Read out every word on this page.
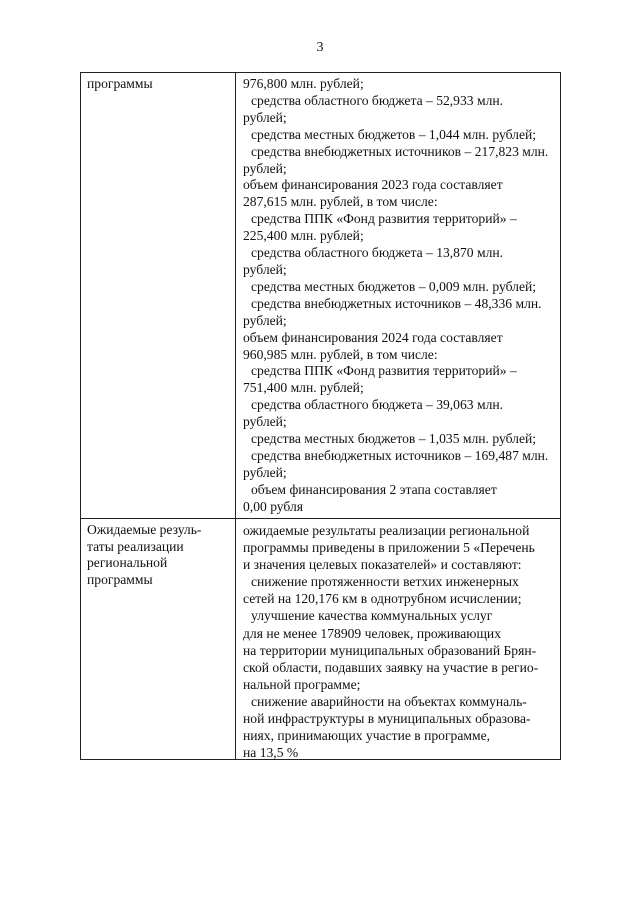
3
программы	976,800 млн. рублей;
средства областного бюджета – 52,933 млн.
рублей;
средства местных бюджетов – 1,044 млн. рублей;
средства внебюджетных источников – 217,823 млн.
рублей;
объем финансирования 2023 года составляет
287,615 млн. рублей, в том числе:
средства ППК «Фонд развития территорий» –
225,400 млн. рублей;
средства областного бюджета – 13,870 млн.
рублей;
средства местных бюджетов – 0,009 млн. рублей;
средства внебюджетных источников – 48,336 млн.
рублей;
объем финансирования 2024 года составляет
960,985 млн. рублей, в том числе:
средства ППК «Фонд развития территорий» –
751,400 млн. рублей;
средства областного бюджета – 39,063 млн.
рублей;
средства местных бюджетов – 1,035 млн. рублей;
средства внебюджетных источников – 169,487 млн.
рублей;
объем финансирования 2 этапа составляет
0,00 рубля
Ожидаемые резуль-
таты реализации
региональной
программы
ожидаемые результаты реализации региональной
программы приведены в приложении 5 «Перечень
и значения целевых показателей» и составляют:
снижение протяженности ветхих инженерных
сетей на 120,176 км в однотрубном исчислении;
улучшение качества коммунальных услуг
для не менее 178909 человек, проживающих
на территории муниципальных образований Брян-
ской области, подавших заявку на участие в регио-
нальной программе;
снижение аварийности на объектах коммуналь-
ной инфраструктуры в муниципальных образова-
ниях, принимающих участие в программе,
на 13,5 %
